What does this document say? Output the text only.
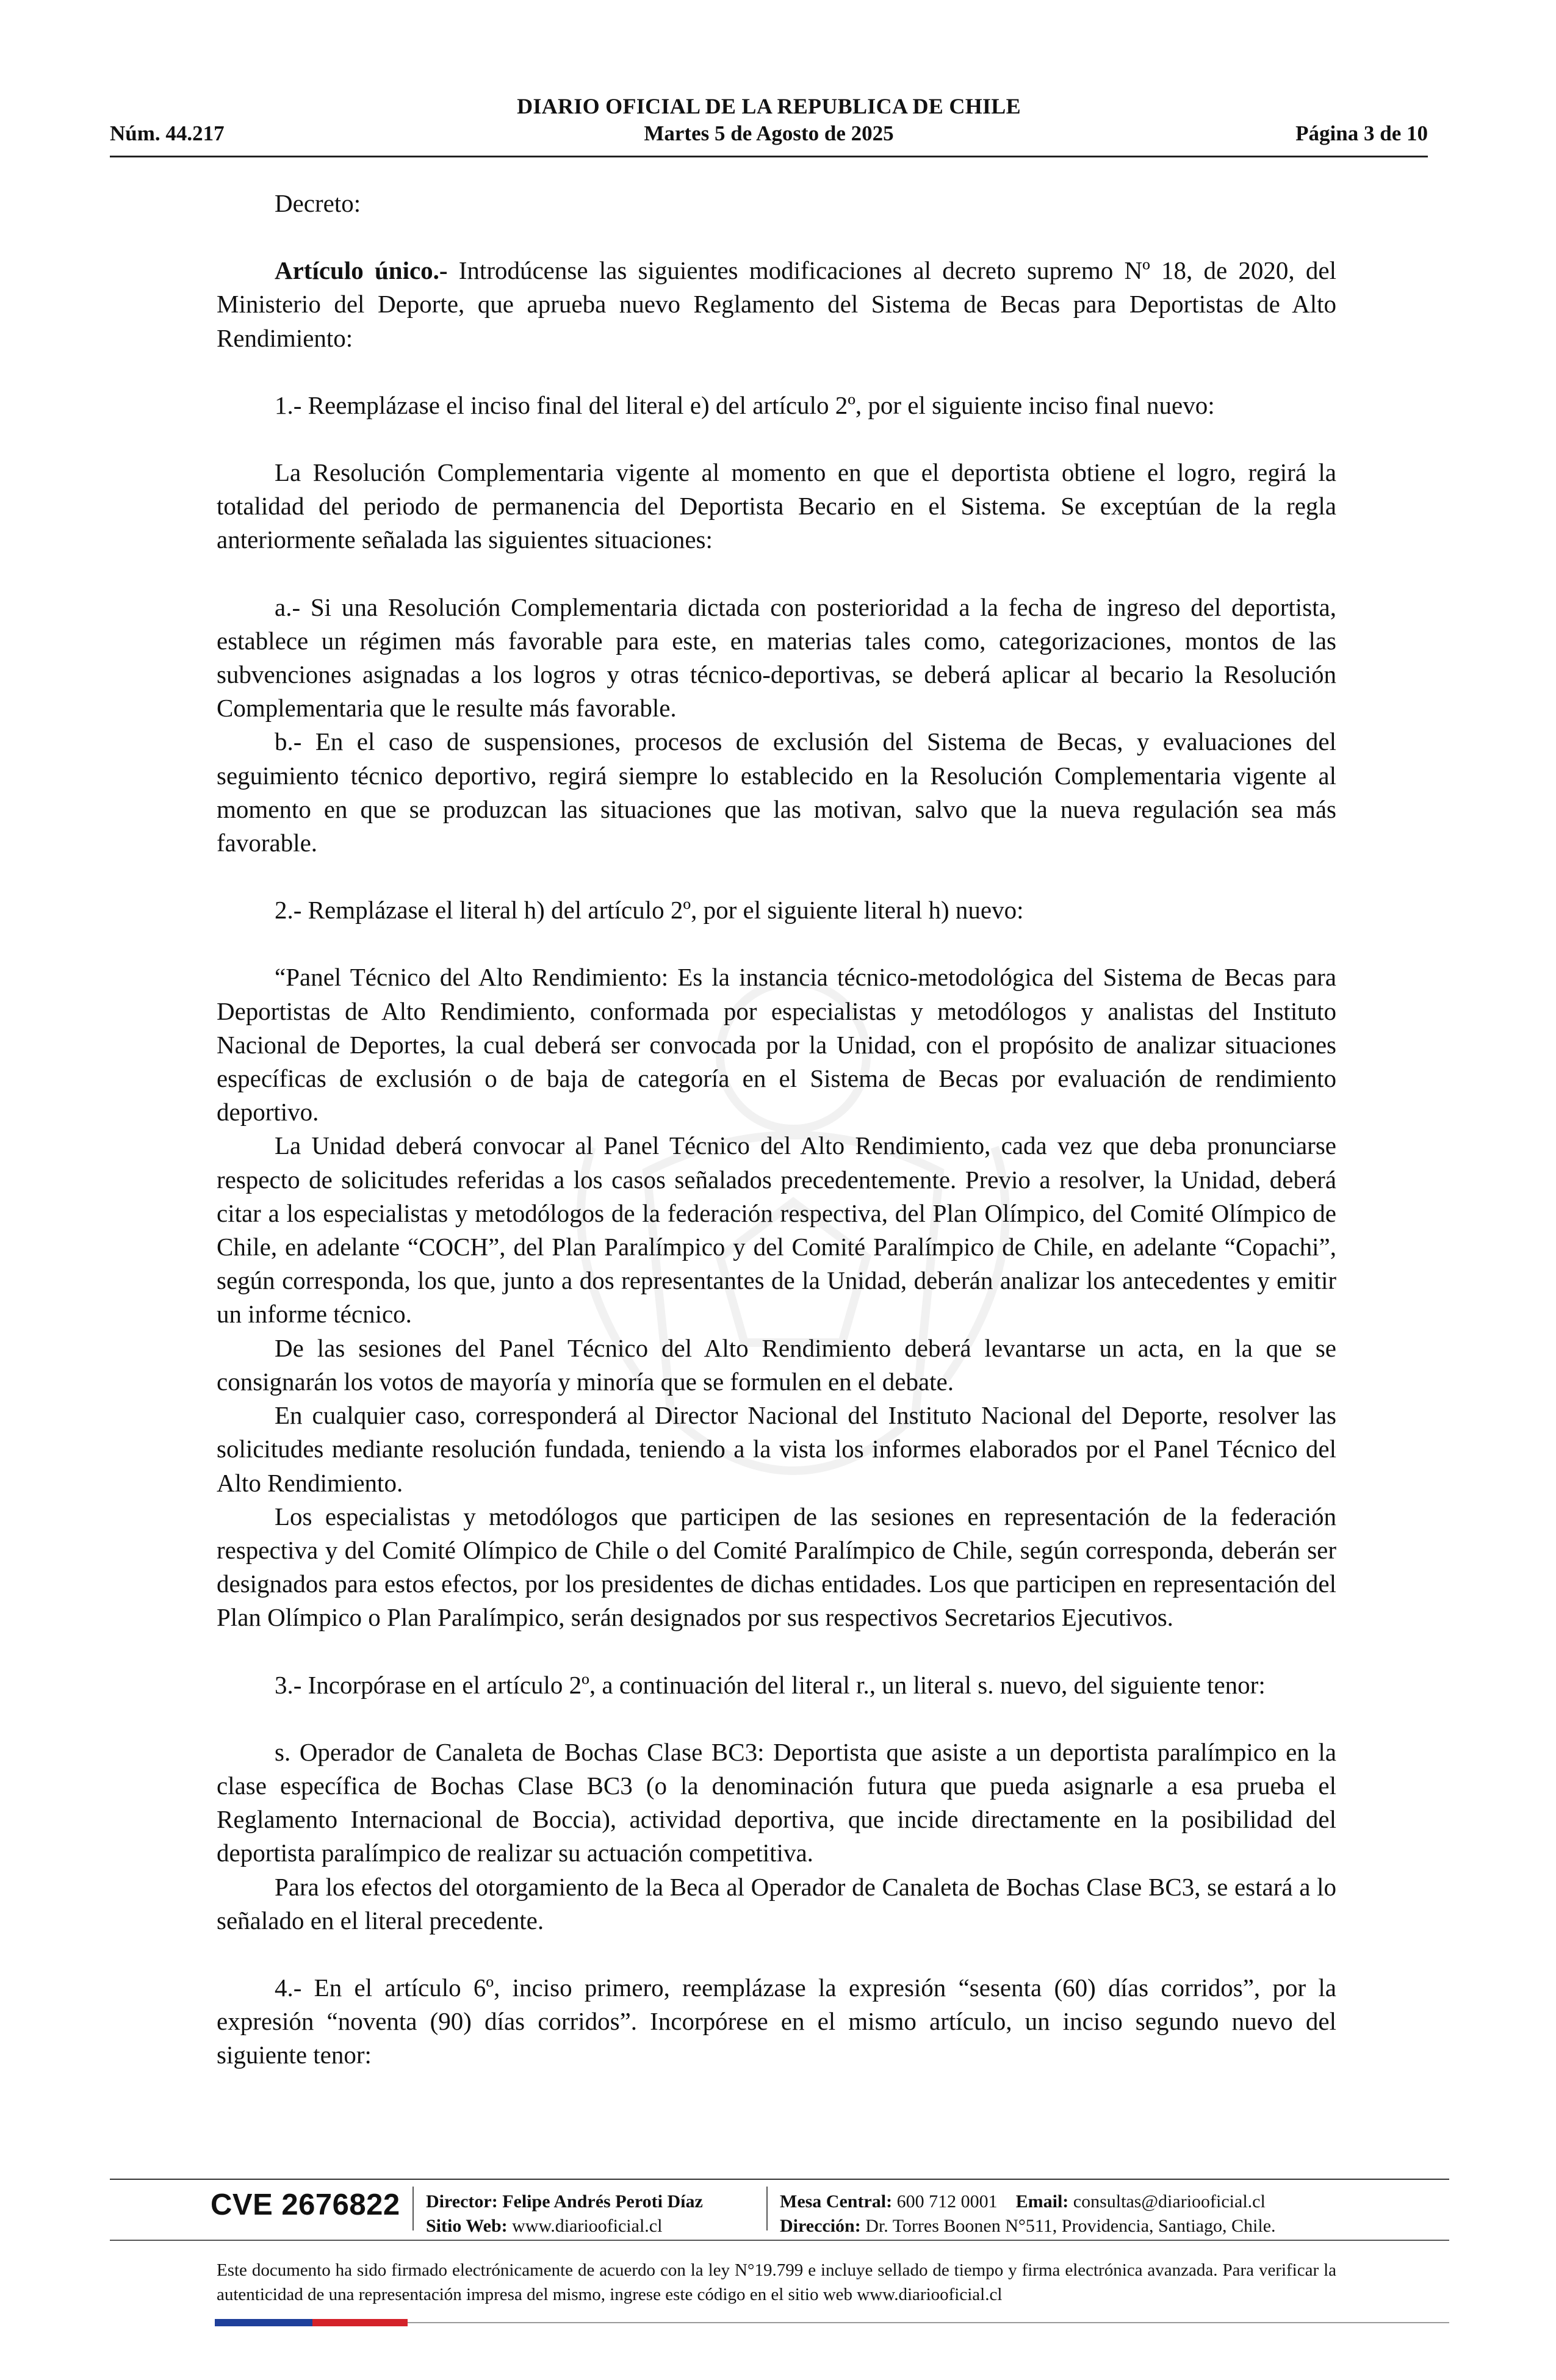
DIARIO OFICIAL DE LA REPUBLICA DE CHILE
Núm. 44.217	Martes 5 de Agosto de 2025	Página 3 de 10

Decreto:

Artículo único.- Introdúcense las siguientes modificaciones al decreto supremo Nº 18, de 2020, del Ministerio del Deporte, que aprueba nuevo Reglamento del Sistema de Becas para Deportistas de Alto Rendimiento:

1.- Reemplázase el inciso final del literal e) del artículo 2º, por el siguiente inciso final nuevo:

La Resolución Complementaria vigente al momento en que el deportista obtiene el logro, regirá la totalidad del periodo de permanencia del Deportista Becario en el Sistema. Se exceptúan de la regla anteriormente señalada las siguientes situaciones:

a.- Si una Resolución Complementaria dictada con posterioridad a la fecha de ingreso del deportista, establece un régimen más favorable para este, en materias tales como, categorizaciones, montos de las subvenciones asignadas a los logros y otras técnico-deportivas, se deberá aplicar al becario la Resolución Complementaria que le resulte más favorable.

b.- En el caso de suspensiones, procesos de exclusión del Sistema de Becas, y evaluaciones del seguimiento técnico deportivo, regirá siempre lo establecido en la Resolución Complementaria vigente al momento en que se produzcan las situaciones que las motivan, salvo que la nueva regulación sea más favorable.

2.- Remplázase el literal h) del artículo 2º, por el siguiente literal h) nuevo:

“Panel Técnico del Alto Rendimiento: Es la instancia técnico-metodológica del Sistema de Becas para Deportistas de Alto Rendimiento, conformada por especialistas y metodólogos y analistas del Instituto Nacional de Deportes, la cual deberá ser convocada por la Unidad, con el propósito de analizar situaciones específicas de exclusión o de baja de categoría en el Sistema de Becas por evaluación de rendimiento deportivo.

La Unidad deberá convocar al Panel Técnico del Alto Rendimiento, cada vez que deba pronunciarse respecto de solicitudes referidas a los casos señalados precedentemente. Previo a resolver, la Unidad, deberá citar a los especialistas y metodólogos de la federación respectiva, del Plan Olímpico, del Comité Olímpico de Chile, en adelante “COCH”, del Plan Paralímpico y del Comité Paralímpico de Chile, en adelante “Copachi”, según corresponda, los que, junto a dos representantes de la Unidad, deberán analizar los antecedentes y emitir un informe técnico.

De las sesiones del Panel Técnico del Alto Rendimiento deberá levantarse un acta, en la que se consignarán los votos de mayoría y minoría que se formulen en el debate.

En cualquier caso, corresponderá al Director Nacional del Instituto Nacional del Deporte, resolver las solicitudes mediante resolución fundada, teniendo a la vista los informes elaborados por el Panel Técnico del Alto Rendimiento.

Los especialistas y metodólogos que participen de las sesiones en representación de la federación respectiva y del Comité Olímpico de Chile o del Comité Paralímpico de Chile, según corresponda, deberán ser designados para estos efectos, por los presidentes de dichas entidades. Los que participen en representación del Plan Olímpico o Plan Paralímpico, serán designados por sus respectivos Secretarios Ejecutivos.

3.- Incorpórase en el artículo 2º, a continuación del literal r., un literal s. nuevo, del siguiente tenor:

s. Operador de Canaleta de Bochas Clase BC3: Deportista que asiste a un deportista paralímpico en la clase específica de Bochas Clase BC3 (o la denominación futura que pueda asignarle a esa prueba el Reglamento Internacional de Boccia), actividad deportiva, que incide directamente en la posibilidad del deportista paralímpico de realizar su actuación competitiva.

Para los efectos del otorgamiento de la Beca al Operador de Canaleta de Bochas Clase BC3, se estará a lo señalado en el literal precedente.

4.- En el artículo 6º, inciso primero, reemplázase la expresión “sesenta (60) días corridos”, por la expresión “noventa (90) días corridos”. Incorpórese en el mismo artículo, un inciso segundo nuevo del siguiente tenor:

CVE 2676822 Director: Felipe Andrés Peroti Díaz
Sitio Web: www.diariooficial.cl
Mesa Central: 600 712 0001 Email: consultas@diariooficial.cl
Dirección: Dr. Torres Boonen N°511, Providencia, Santiago, Chile.
Este documento ha sido firmado electrónicamente de acuerdo con la ley N°19.799 e incluye sellado de tiempo y firma electrónica avanzada. Para verificar la autenticidad de una representación impresa del mismo, ingrese este código en el sitio web www.diariooficial.cl
